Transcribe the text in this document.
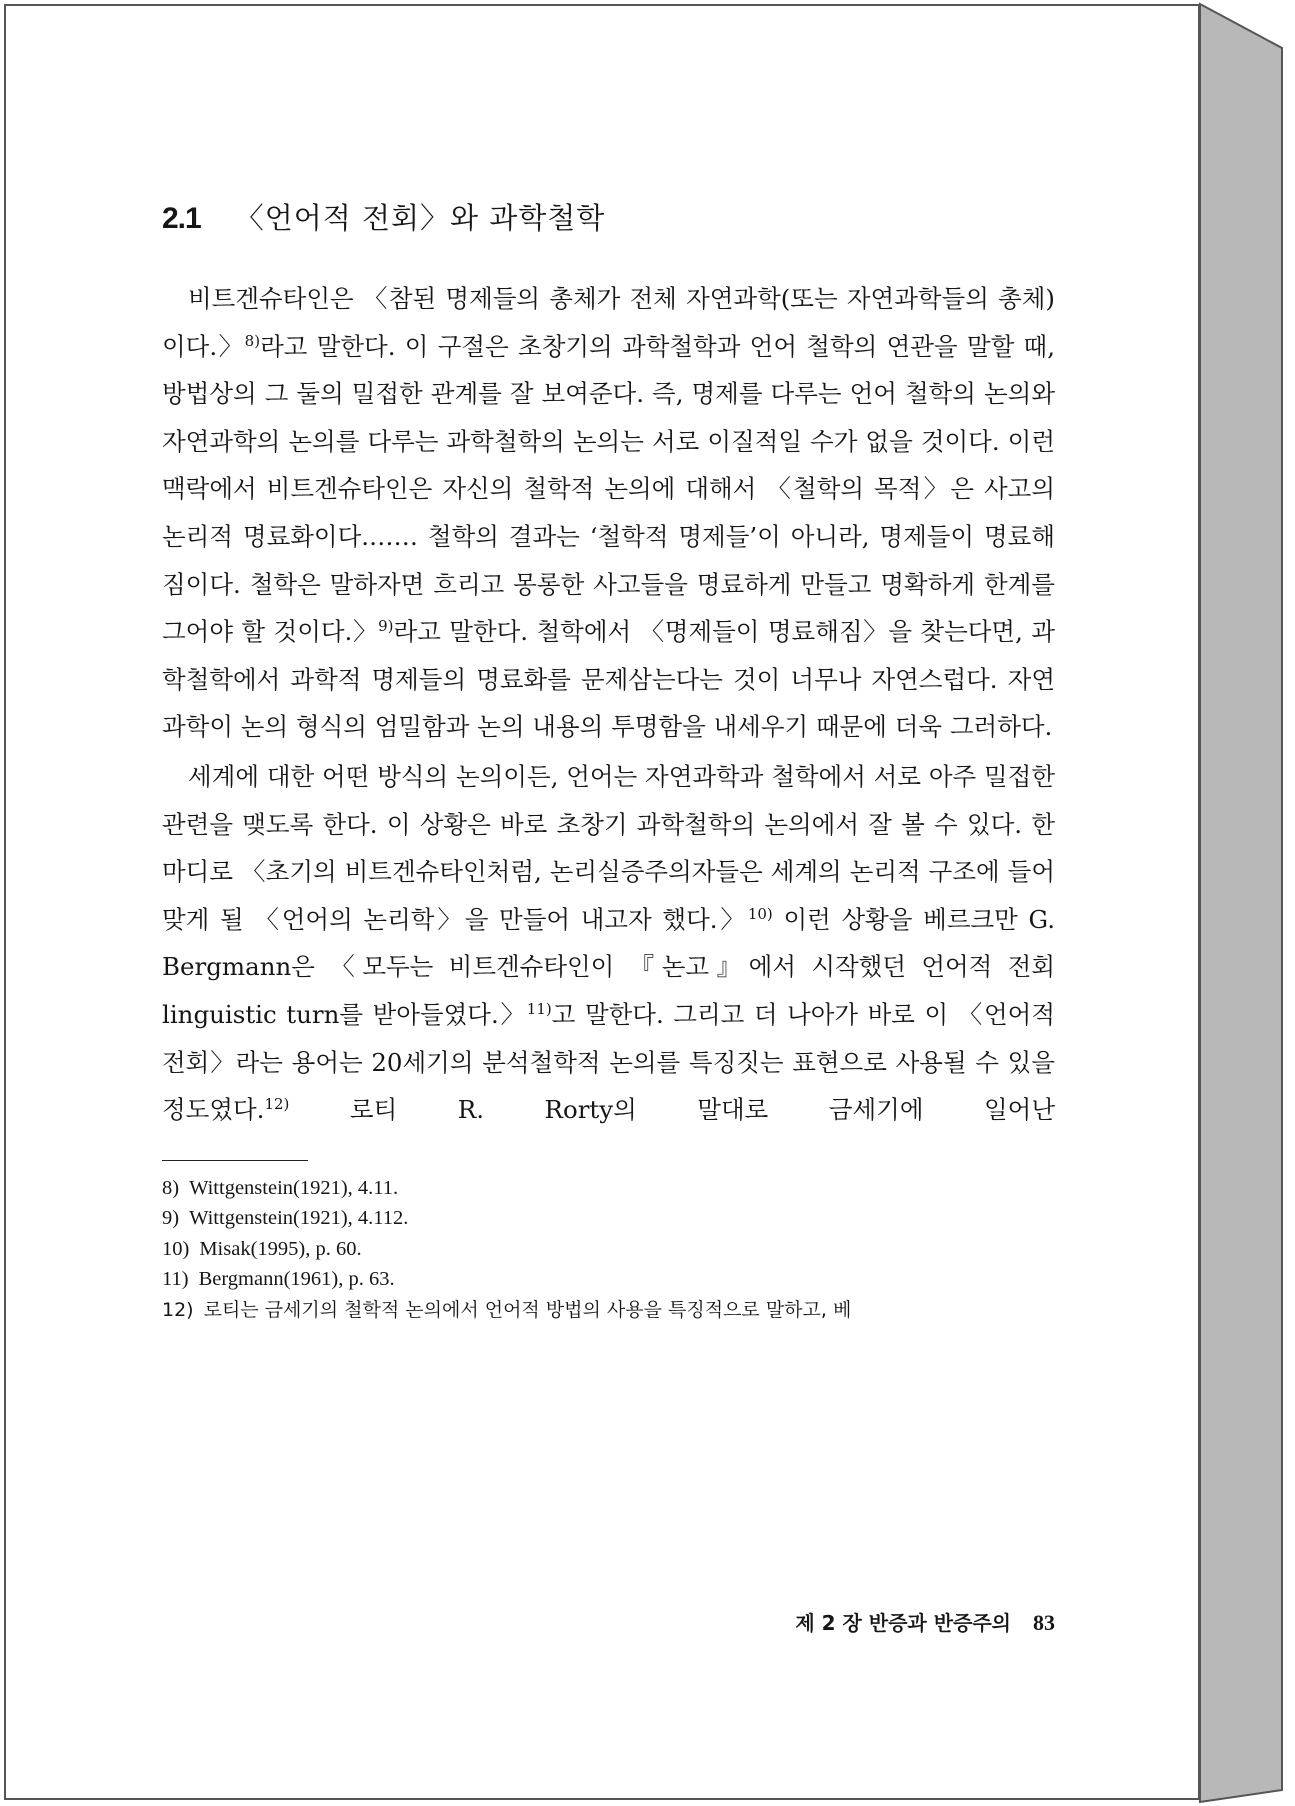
2.1 〈언어적 전회〉와 과학철학

비트겐슈타인은 〈참된 명제들의 총체가 전체 자연과학(또는 자연과학들의 총체)이다.〉$^{8)}$라고 말한다. 이 구절은 초창기의 과학철학과 언어 철학의 연관을 말할 때, 방법상의 그 둘의 밀접한 관계를 잘 보여준다. 즉, 명제를 다루는 언어 철학의 논의와 자연과학의 논의를 다루는 과학철학의 논의는 서로 이질적일 수가 없을 것이다. 이런 맥락에서 비트겐슈타인은 자신의 철학적 논의에 대해서 〈철학의 목적〉은 사고의 논리적 명료화이다.…… 철학의 결과는 ‘철학적 명제들’이 아니라, 명제들이 명료해짐이다. 철학은 말하자면 흐리고 몽롱한 사고들을 명료하게 만들고 명확하게 한계를 그어야 할 것이다.〉$^{9)}$라고 말한다. 철학에서 〈명제들이 명료해짐〉을 찾는다면, 과학철학에서 과학적 명제들의 명료화를 문제삼는다는 것이 너무나 자연스럽다. 자연과학이 논의 형식의 엄밀함과 논의 내용의 투명함을 내세우기 때문에 더욱 그러하다.

세계에 대한 어떤 방식의 논의이든, 언어는 자연과학과 철학에서 서로 아주 밀접한 관련을 맺도록 한다. 이 상황은 바로 초창기 과학철학의 논의에서 잘 볼 수 있다. 한마디로 〈초기의 비트겐슈타인처럼, 논리실증주의자들은 세계의 논리적 구조에 들어맞게 될 〈언어의 논리학〉을 만들어 내고자 했다.〉$^{10)}$ 이런 상황을 베르크만 G. Bergmann은 〈모두는 비트겐슈타인이 『논고』에서 시작했던 언어적 전회 linguistic turn를 받아들였다.〉$^{11)}$고 말한다. 그리고 더 나아가 바로 이 〈언어적 전회〉라는 용어는 20세기의 분석철학적 논의를 특징짓는 표현으로 사용될 수 있을 정도였다.$^{12)}$ 로티 R. Rorty의 말대로 금세기에 일어난

8) Wittgenstein(1921), 4.11.
9) Wittgenstein(1921), 4.112.
10) Misak(1995), p. 60.
11) Bergmann(1961), p. 63.
12) 로티는 금세기의 철학적 논의에서 언어적 방법의 사용을 특징적으로 말하고, 베
제 2 장 반증과 반증주의 83
